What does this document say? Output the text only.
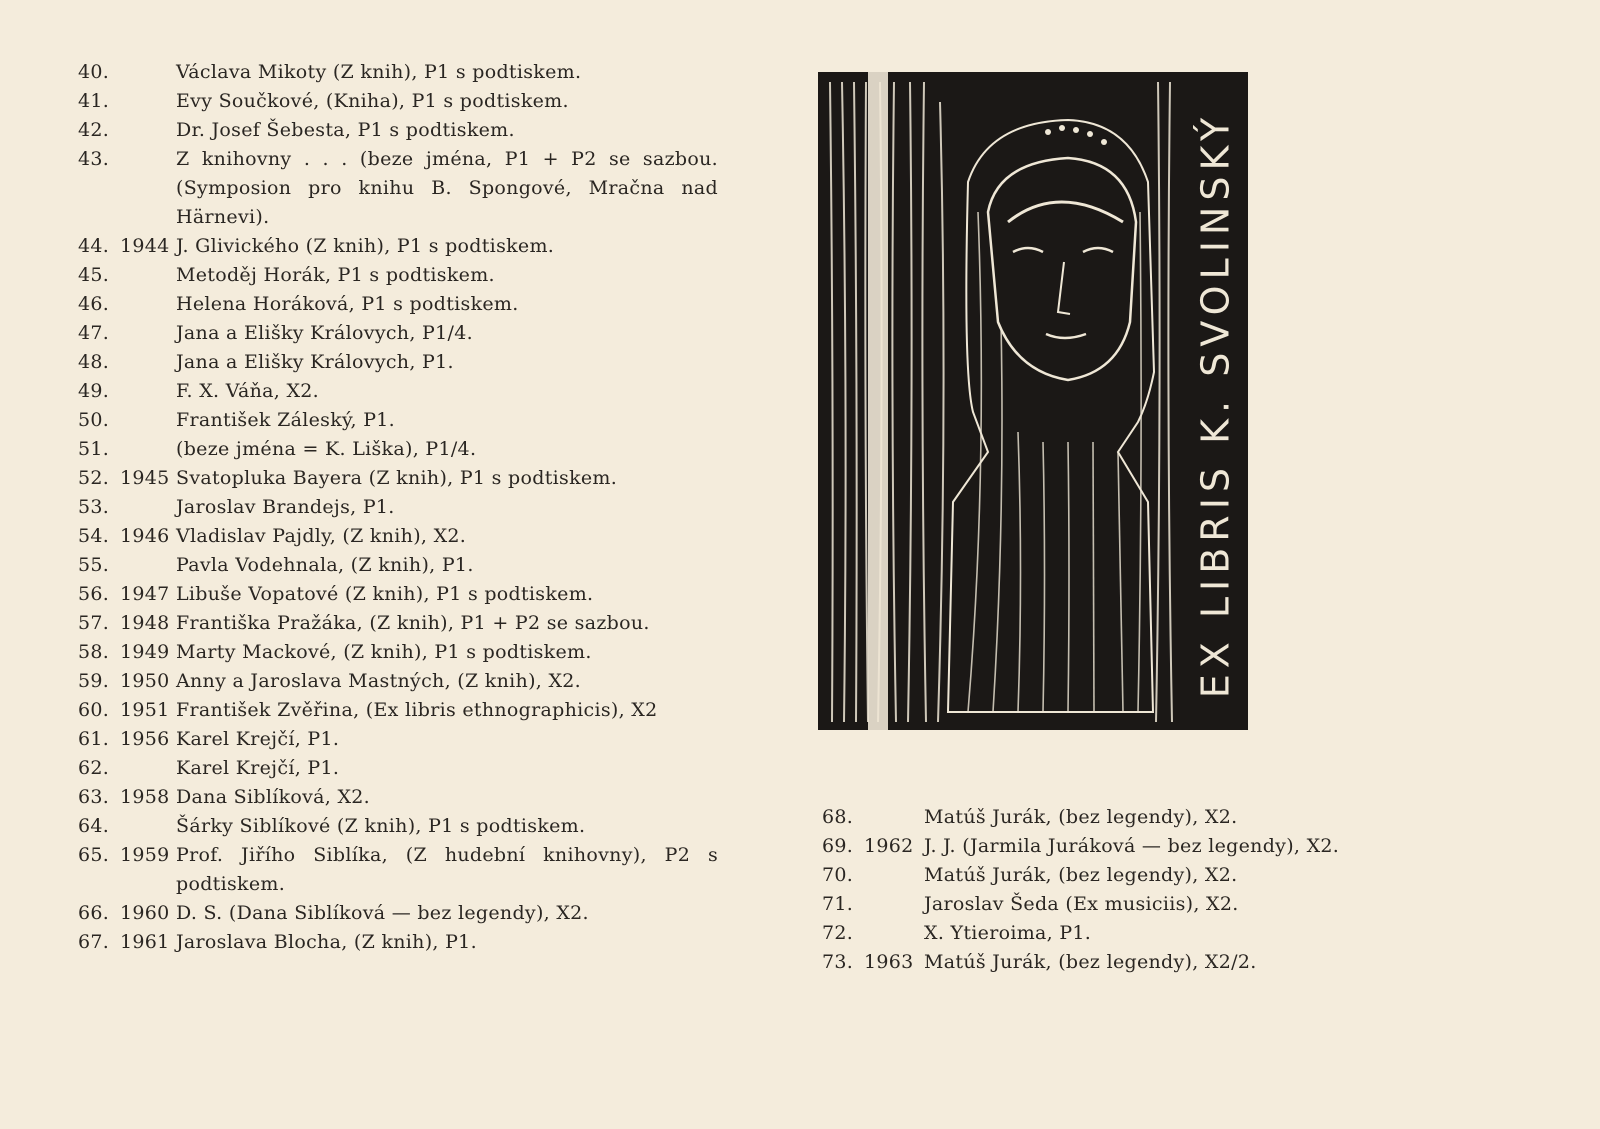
40.	Václava Mikoty (Z knih), P1 s podtiskem.
41.	Evy Součkové, (Kniha), P1 s podtiskem.
42.	Dr. Josef Šebesta, P1 s podtiskem.
43.	Z knihovny . . . (beze jména, P1 + P2 se sazbou. (Symposion pro knihu B. Spongové, Mračna nad Härnevi).
44. 1944 J. Glivického (Z knih), P1 s podtiskem.
45.	Metoděj Horák, P1 s podtiskem.
46.	Helena Horáková, P1 s podtiskem.
47.	Jana a Elišky Královych, P1/4.
48.	Jana a Elišky Královych, P1.
49.	F. X. Váňa, X2.
50.	František Záleský, P1.
51.	(beze jména = K. Liška), P1/4.
52. 1945 Svatopluka Bayera (Z knih), P1 s podtiskem.
53.	Jaroslav Brandejs, P1.
54. 1946 Vladislav Pajdly, (Z knih), X2.
55.	Pavla Vodehnala, (Z knih), P1.
56. 1947 Libuše Vopatové (Z knih), P1 s podtiskem.
57. 1948 Františka Pražáka, (Z knih), P1 + P2 se sazbou.
58. 1949 Marty Mackové, (Z knih), P1 s podtiskem.
59. 1950 Anny a Jaroslava Mastných, (Z knih), X2.
60. 1951 František Zvěřina, (Ex libris ethnographicis), X2
61. 1956 Karel Krejčí, P1.
62.	Karel Krejčí, P1.
63. 1958 Dana Siblíková, X2.
64.	Šárky Siblíkové (Z knih), P1 s podtiskem.
65. 1959 Prof. Jiřího Siblíka, (Z hudební knihovny), P2 s podtiskem.
66. 1960 D. S. (Dana Siblíková — bez legendy), X2.
67. 1961 Jaroslava Blocha, (Z knih), P1.
EX LIBRIS K. SVOLINSKÝ
68.	Matúš Jurák, (bez legendy), X2.
69. 1962 J. J. (Jarmila Juráková — bez legendy), X2.
70.	Matúš Jurák, (bez legendy), X2.
71.	Jaroslav Šeda (Ex musiciis), X2.
72.	X. Ytieroima, P1.
73. 1963 Matúš Jurák, (bez legendy), X2/2.
